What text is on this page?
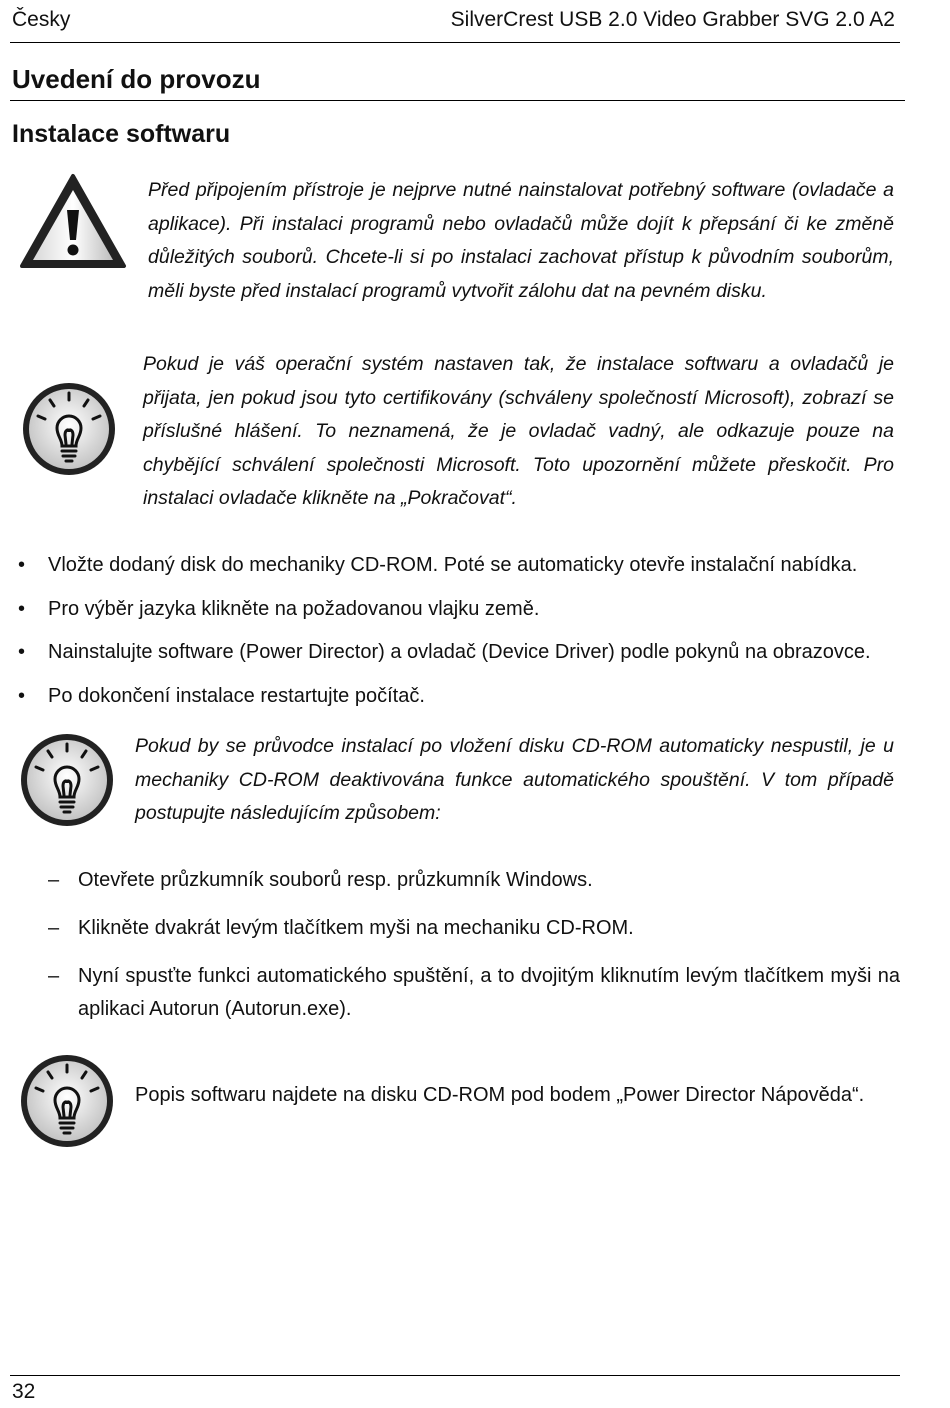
Česky	SilverCrest USB 2.0 Video Grabber SVG 2.0 A2
Uvedení do provozu
Instalace softwaru

Před připojením přístroje je nejprve nutné nainstalovat potřebný software (ovladače a aplikace). Při instalaci programů nebo ovladačů může dojít k přepsání či ke změně důležitých souborů. Chcete-li si po instalaci zachovat přístup k původním souborům, měli byste před instalací programů vytvořit zálohu dat na pevném disku.

Pokud je váš operační systém nastaven tak, že instalace softwaru a ovladačů je přijata, jen pokud jsou tyto certifikovány (schváleny společností Microsoft), zobrazí se příslušné hlášení. To neznamená, že je ovladač vadný, ale odkazuje pouze na chybějící schválení společnosti Microsoft. Toto upozornění můžete přeskočit. Pro instalaci ovladače klikněte na „Pokračovat“.

• Vložte dodaný disk do mechaniky CD-ROM. Poté se automaticky otevře instalační nabídka.
• Pro výběr jazyka klikněte na požadovanou vlajku země.
• Nainstalujte software (Power Director) a ovladač (Device Driver) podle pokynů na obrazovce.
• Po dokončení instalace restartujte počítač.

Pokud by se průvodce instalací po vložení disku CD-ROM automaticky nespustil, je u mechaniky CD-ROM deaktivována funkce automatického spouštění. V tom případě postupujte následujícím způsobem:

– Otevřete průzkumník souborů resp. průzkumník Windows.
– Klikněte dvakrát levým tlačítkem myši na mechaniku CD-ROM.
– Nyní spusťte funkci automatického spuštění, a to dvojitým kliknutím levým tlačítkem myši na aplikaci Autorun (Autorun.exe).
Popis softwaru najdete na disku CD-ROM pod bodem „Power Director Nápověda“.
32
